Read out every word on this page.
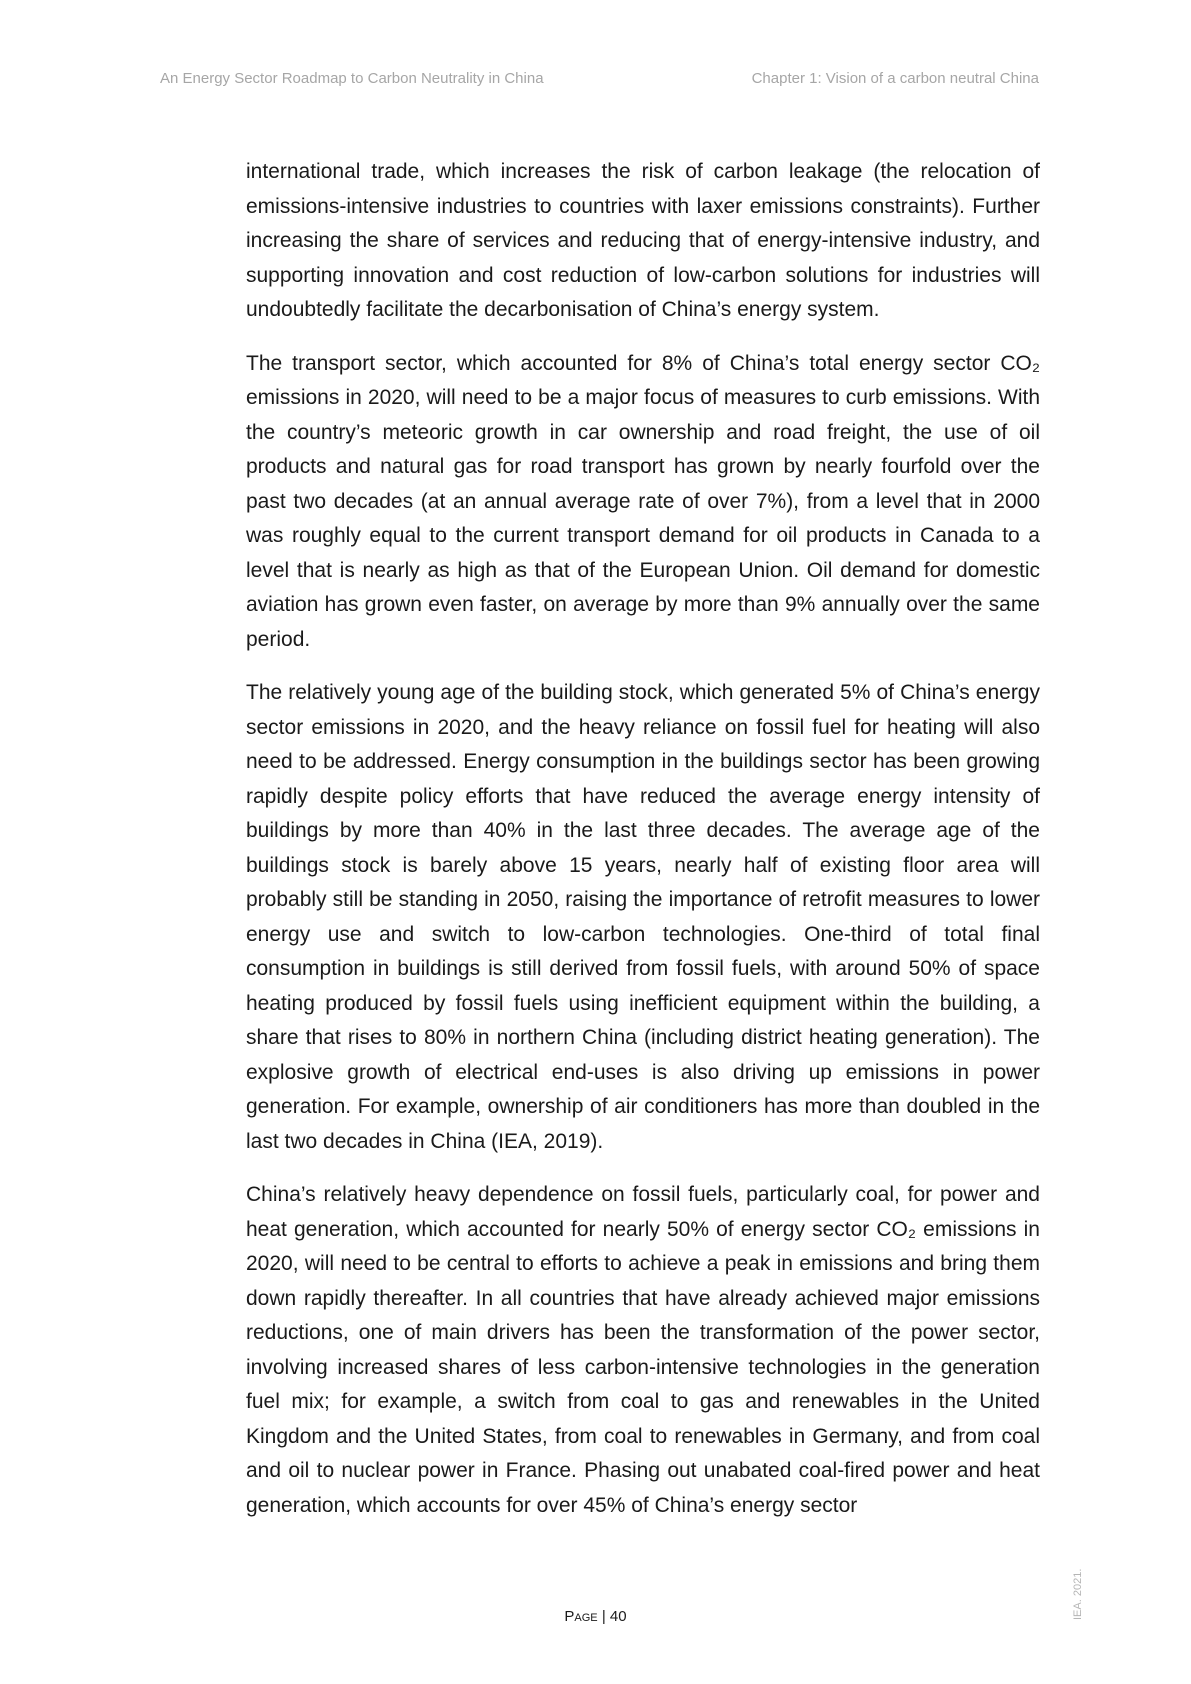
An Energy Sector Roadmap to Carbon Neutrality in China	Chapter 1: Vision of a carbon neutral China

international trade, which increases the risk of carbon leakage (the relocation of emissions-intensive industries to countries with laxer emissions constraints). Further increasing the share of services and reducing that of energy-intensive industry, and supporting innovation and cost reduction of low-carbon solutions for industries will undoubtedly facilitate the decarbonisation of China’s energy system.

The transport sector, which accounted for 8% of China’s total energy sector CO₂ emissions in 2020, will need to be a major focus of measures to curb emissions. With the country’s meteoric growth in car ownership and road freight, the use of oil products and natural gas for road transport has grown by nearly fourfold over the past two decades (at an annual average rate of over 7%), from a level that in 2000 was roughly equal to the current transport demand for oil products in Canada to a level that is nearly as high as that of the European Union. Oil demand for domestic aviation has grown even faster, on average by more than 9% annually over the same period.

The relatively young age of the building stock, which generated 5% of China’s energy sector emissions in 2020, and the heavy reliance on fossil fuel for heating will also need to be addressed. Energy consumption in the buildings sector has been growing rapidly despite policy efforts that have reduced the average energy intensity of buildings by more than 40% in the last three decades. The average age of the buildings stock is barely above 15 years, nearly half of existing floor area will probably still be standing in 2050, raising the importance of retrofit measures to lower energy use and switch to low-carbon technologies. One-third of total final consumption in buildings is still derived from fossil fuels, with around 50% of space heating produced by fossil fuels using inefficient equipment within the building, a share that rises to 80% in northern China (including district heating generation). The explosive growth of electrical end-uses is also driving up emissions in power generation. For example, ownership of air conditioners has more than doubled in the last two decades in China (IEA, 2019).

China’s relatively heavy dependence on fossil fuels, particularly coal, for power and heat generation, which accounted for nearly 50% of energy sector CO₂ emissions in 2020, will need to be central to efforts to achieve a peak in emissions and bring them down rapidly thereafter. In all countries that have already achieved major emissions reductions, one of main drivers has been the transformation of the power sector, involving increased shares of less carbon-intensive technologies in the generation fuel mix; for example, a switch from coal to gas and renewables in the United Kingdom and the United States, from coal to renewables in Germany, and from coal and oil to nuclear power in France. Phasing out unabated coal-fired power and heat generation, which accounts for over 45% of China’s energy sector

Page | 40	IEA. 2021.
